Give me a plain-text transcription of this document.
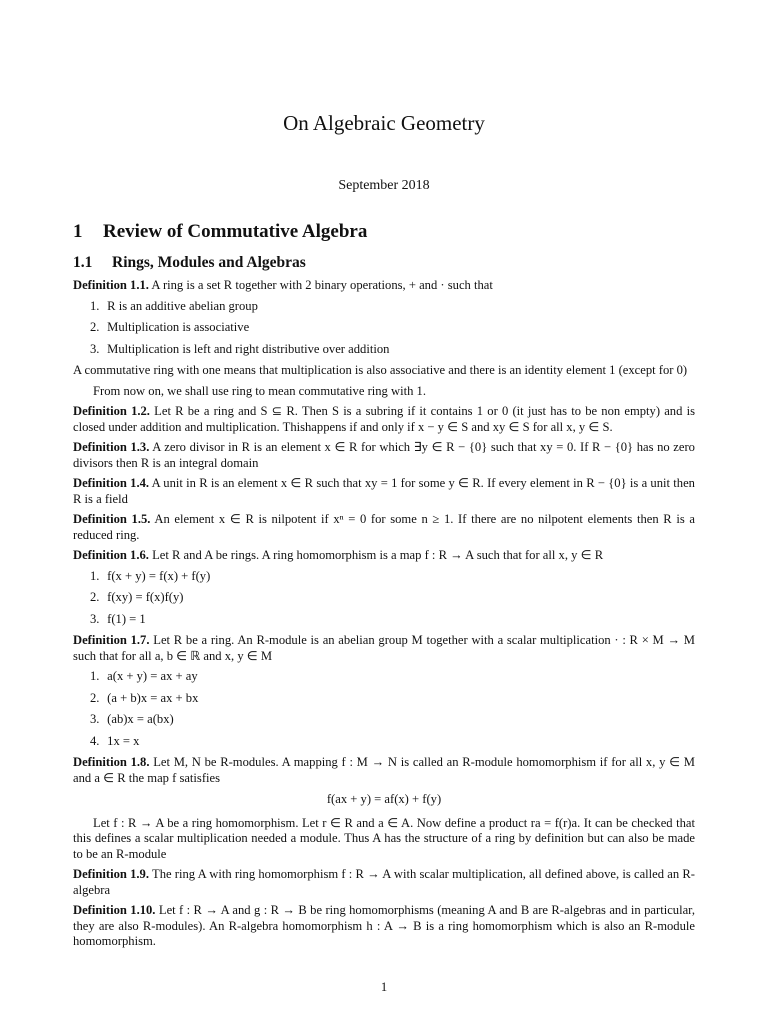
On Algebraic Geometry
September 2018
1 Review of Commutative Algebra
1.1 Rings, Modules and Algebras
Definition 1.1. A ring is a set R together with 2 binary operations, + and · such that
1. R is an additive abelian group
2. Multiplication is associative
3. Multiplication is left and right distributive over addition
A commutative ring with one means that multiplication is also associative and there is an identity element 1 (except for 0)
From now on, we shall use ring to mean commutative ring with 1.
Definition 1.2. Let R be a ring and S ⊆ R. Then S is a subring if it contains 1 or 0 (it just has to be non empty) and is closed under addition and multiplication. Thishappens if and only if x − y ∈ S and xy ∈ S for all x, y ∈ S.
Definition 1.3. A zero divisor in R is an element x ∈ R for which ∃y ∈ R − {0} such that xy = 0. If R − {0} has no zero divisors then R is an integral domain
Definition 1.4. A unit in R is an element x ∈ R such that xy = 1 for some y ∈ R. If every element in R − {0} is a unit then R is a field
Definition 1.5. An element x ∈ R is nilpotent if xⁿ = 0 for some n ≥ 1. If there are no nilpotent elements then R is a reduced ring.
Definition 1.6. Let R and A be rings. A ring homomorphism is a map f : R → A such that for all x, y ∈ R
1. f(x + y) = f(x) + f(y)
2. f(xy) = f(x)f(y)
3. f(1) = 1
Definition 1.7. Let R be a ring. An R-module is an abelian group M together with a scalar multiplication · : R × M → M such that for all a, b ∈ ℝ and x, y ∈ M
1. a(x + y) = ax + ay
2. (a + b)x = ax + bx
3. (ab)x = a(bx)
4. 1x = x
Definition 1.8. Let M, N be R-modules. A mapping f : M → N is called an R-module homomorphism if for all x, y ∈ M and a ∈ R the map f satisfies
f(ax + y) = af(x) + f(y)
Let f : R → A be a ring homomorphism. Let r ∈ R and a ∈ A. Now define a product ra = f(r)a. It can be checked that this defines a scalar multiplication needed a module. Thus A has the structure of a ring by definition but can also be made to be an R-module
Definition 1.9. The ring A with ring homomorphism f : R → A with scalar multiplication, all defined above, is called an R-algebra
Definition 1.10. Let f : R → A and g : R → B be ring homomorphisms (meaning A and B are R-algebras and in particular, they are also R-modules). An R-algebra homomorphism h : A → B is a ring homomorphism which is also an R-module homomorphism.
1
